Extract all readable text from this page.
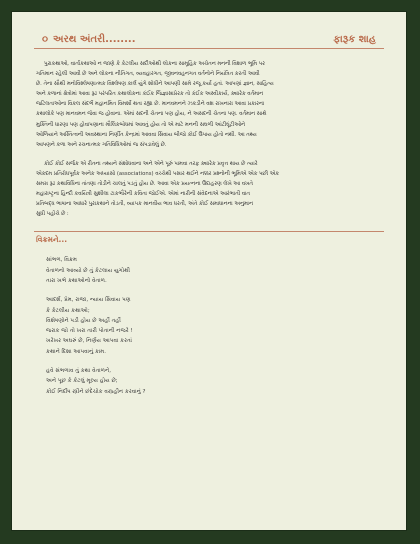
૦ અરથ અંતરી........	ફારૂક શાહ
પુરાકથાઓ, વાર્તાકથાઓ ન જાણે કે કેટલીય સદીઓથી લોકના સામૂહિક અચેતન મનની વિશાળ ભૂમિ પર
ગતિમાન રહેલી આવી છે અને લોકના નીતિગત, વ્યવહારગત, જીવનવહનગત વર્તનોને નિયંત્રિત કરતી આવી
છે. તેના સૌથી મનોવિશ્લેષણાત્મક વિશ્લેષણ કાર્લ યુંગે શોધીને આપણી સામે રજૂ કર્યા હતાં. આપણાં જ્ઞાન, સાહિત્ય
અને કળાનાં ક્ષેત્રોમાં આવા રૂઢ પરંપરિત કથાલોકના કંઈક જિજ્ઞાસાપ્રેરક તો કંઈક અસ્વીકાર્ય, ક્યારેક વર્તમાન
જટિલતાઓના વિકલ સંદર્ભે મહાનમિત વિમર્શો થતા રહ્યા છે. માનવમનને ઝકડીને વશ રાખનારા આવા પ્રકારના
કથાલોકે પણ માનવમન જેવા જ હોવાના. એમાં સદની ચેતના પણ હોય, ને અસદની ચેતના પણ. વર્તમાન સાથે
મુક્તિની ધારણા પણ હોવાપણાના મૌલિકબોધમાં આવતું હોય તો એ માટે મનની સઘળી આંટીઘૂંટીઓને
ઓળિયાને અસ્તિત્વની અવસ્થાના નિર્ણીત કેન્દ્રમાં આવવા સિવાય બીજો કોઈ ઉપાય હોતો નથી. આ તથ્ય
આપણને કળા અને રચનાત્મક ગતિવિધિઓમાં જ સંપડાવેલું છે.
કોઈ કોઈ સર્જક એ રીતના તથ્યને સંશોધવાના અને એને પૂરું પામવા તરફ ક્યારેક પ્રવૃત્ત થાય છે ત્યારે
એકદમ પ્રતિરોધપૂર્વક અનેક અધ્યાસો (associations) વચ્ચેથી પસાર થઈને નક્કર પ્રશ્નોની ભૂમિએ એક પછી એક
સમગ્ર રૂઢ કથાવિધિના તાંતણા તોડીને ચાલતું પડતું હોય છે. આવા એક પ્રયત્નના ઉદાહરણ લેખે આ વખતે
મહારાષ્ટ્રના હિન્દી કવયિત્રી સુશીલા ટાકભૌરેની કવિતા જોઈએ. એમાં નારીની સંવેદનાએ આરંભાતી વાત
પ્રતિબદ્ધ ભાષાના આધારે પુરાકથાને તોડતી, વ્યાપક માનવીય ભાવ ધરતી, અંતે કોઈ સમાધાનના અનુમાન
સુધી પહોંચે છે :
વિક્રમને...
સાંભળ, વિક્રમ
વેતાળનો આવ્યો છે તું કેટલાય યુગોથી
તારા ખભે કથાઓનો વેતાળ.
આદર્શ, પ્રેમ, રાજા, ન્યાય સિવાય પણ
કે કેટલીય કથાઓ;
વિશેષણોને પડી હોય છે અહીં તહીં
જરાક જો તો ખરા તારી પોતાની નજરે !
ખરેખર અઘરું છે, નિર્ણય આપવા કરતાં
કથાને દિશા આપવાનું કામ.
હવે સંભળાવ તું કથા વેતાળને,
અને પૂછ કે કેટલું મૂલ્ય હોય છે;
કોઈ નિર્દોષ સ્ત્રીને છંદેચોક વસ્ત્રહીન કરવાનું ?
